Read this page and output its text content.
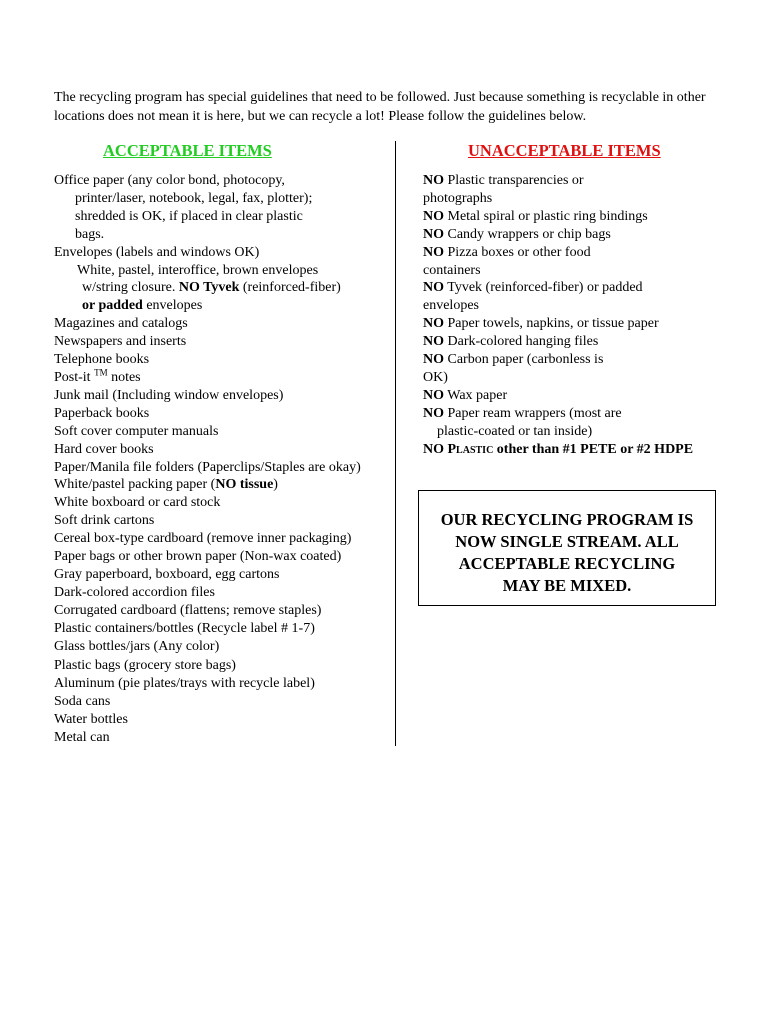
The recycling program has special guidelines that need to be followed. Just because something is recyclable in other locations does not mean it is here, but we can recycle a lot! Please follow the guidelines below.
ACCEPTABLE ITEMS	UNACCEPTABLE ITEMS
Office paper (any color bond, photocopy,
printer/laser, notebook, legal, fax, plotter);
shredded is OK, if placed in clear plastic
bags.
Envelopes (labels and windows OK)
White, pastel, interoffice, brown envelopes
w/string closure. NO Tyvek (reinforced-fiber)
or padded envelopes
Magazines and catalogs
Newspapers and inserts
Telephone books
Post-it ™ notes
Junk mail (Including window envelopes)
Paperback books
Soft cover computer manuals
Hard cover books
Paper/Manila file folders (Paperclips/Staples are okay)
White/pastel packing paper (NO tissue)
White boxboard or card stock
Soft drink cartons
Cereal box-type cardboard (remove inner packaging)
Paper bags or other brown paper (Non-wax coated)
Gray paperboard, boxboard, egg cartons
Dark-colored accordion files
Corrugated cardboard (flattens; remove staples)
Plastic containers/bottles (Recycle label # 1-7)
Glass bottles/jars (Any color)
Plastic bags (grocery store bags)
Aluminum (pie plates/trays with recycle label)
Soda cans
Water bottles
Metal can
NO Plastic transparencies or
photographs
NO Metal spiral or plastic ring bindings
NO Candy wrappers or chip bags
NO Pizza boxes or other food
containers
NO Tyvek (reinforced-fiber) or padded
envelopes
NO Paper towels, napkins, or tissue paper
NO Dark-colored hanging files
NO Carbon paper (carbonless is
OK)
NO Wax paper
NO Paper ream wrappers (most are
plastic-coated or tan inside)
NO Plastic other than #1 PETE or #2 HDPE
OUR RECYCLING PROGRAM IS
NOW SINGLE STREAM. ALL
ACCEPTABLE RECYCLING
MAY BE MIXED.
